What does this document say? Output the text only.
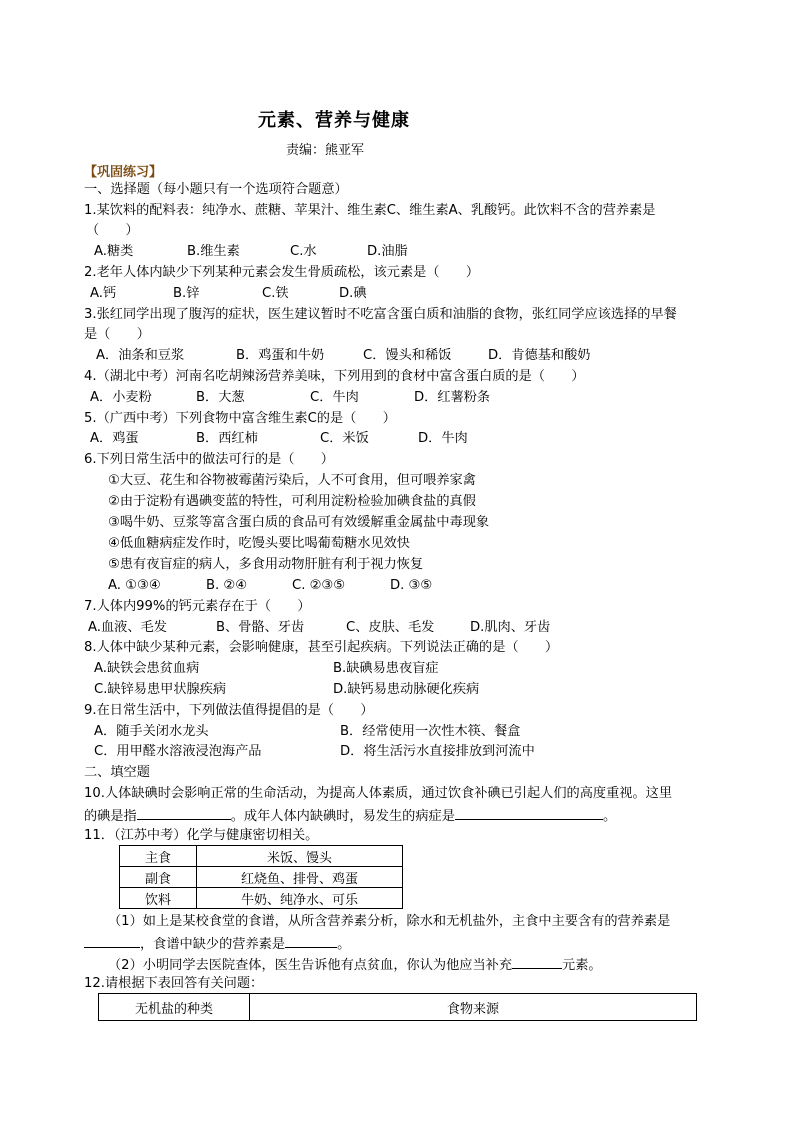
元素、营养与健康
责编：熊亚军
【巩固练习】
一、选择题（每小题只有一个选项符合题意）
1.某饮料的配料表：纯净水、蔗糖、苹果汁、维生素C、维生素A、乳酸钙。此饮料不含的营养素是
（　　）
A.糖类	B.维生素	C.水	D.油脂
2.老年人体内缺少下列某种元素会发生骨质疏松，该元素是（　　）
A.钙	B.锌	C.铁	D.碘
3.张红同学出现了腹泻的症状，医生建议暂时不吃富含蛋白质和油脂的食物，张红同学应该选择的早餐
是（　　）
A．油条和豆浆	B．鸡蛋和牛奶	C．馒头和稀饭	D．肯德基和酸奶
4.（湖北中考）河南名吃胡辣汤营养美味，下列用到的食材中富含蛋白质的是（　　）
A．小麦粉	B．大葱	C．牛肉	D．红薯粉条
5.（广西中考）下列食物中富含维生素C的是（　　）
A．鸡蛋	B．西红柿	C．米饭	D．牛肉
6.下列日常生活中的做法可行的是（　　）
①大豆、花生和谷物被霉菌污染后，人不可食用，但可喂养家禽
②由于淀粉有遇碘变蓝的特性，可利用淀粉检验加碘食盐的真假
③喝牛奶、豆浆等富含蛋白质的食品可有效缓解重金属盐中毒现象
④低血糖病症发作时，吃馒头要比喝葡萄糖水见效快
⑤患有夜盲症的病人，多食用动物肝脏有利于视力恢复
A. ①③④	B. ②④	C. ②③⑤	D. ③⑤
7.人体内99%的钙元素存在于（　　）
A.血液、毛发	B、骨骼、牙齿	C、皮肤、毛发	D.肌肉、牙齿
8.人体中缺少某种元素，会影响健康，甚至引起疾病。下列说法正确的是（　　）
A.缺铁会患贫血病	B.缺碘易患夜盲症
C.缺锌易患甲状腺疾病	D.缺钙易患动脉硬化疾病
9.在日常生活中，下列做法值得提倡的是（　　）
A．随手关闭水龙头	B．经常使用一次性木筷、餐盒
C．用甲醛水溶液浸泡海产品	D．将生活污水直接排放到河流中
二、填空题
10.人体缺碘时会影响正常的生命活动，为提高人体素质，通过饮食补碘已引起人们的高度重视。这里
的碘是指	。成年人体内缺碘时，易发生的病症是	。
11．（江苏中考）化学与健康密切相关。
主食	米饭、馒头
副食	红烧鱼、排骨、鸡蛋
饮料	牛奶、纯净水、可乐
（1）如上是某校食堂的食谱，从所含营养素分析，除水和无机盐外，主食中主要含有的营养素是
，食谱中缺少的营养素是	。
（2）小明同学去医院查体，医生告诉他有点贫血，你认为他应当补充	元素。
12.请根据下表回答有关问题：
无机盐的种类	食物来源
